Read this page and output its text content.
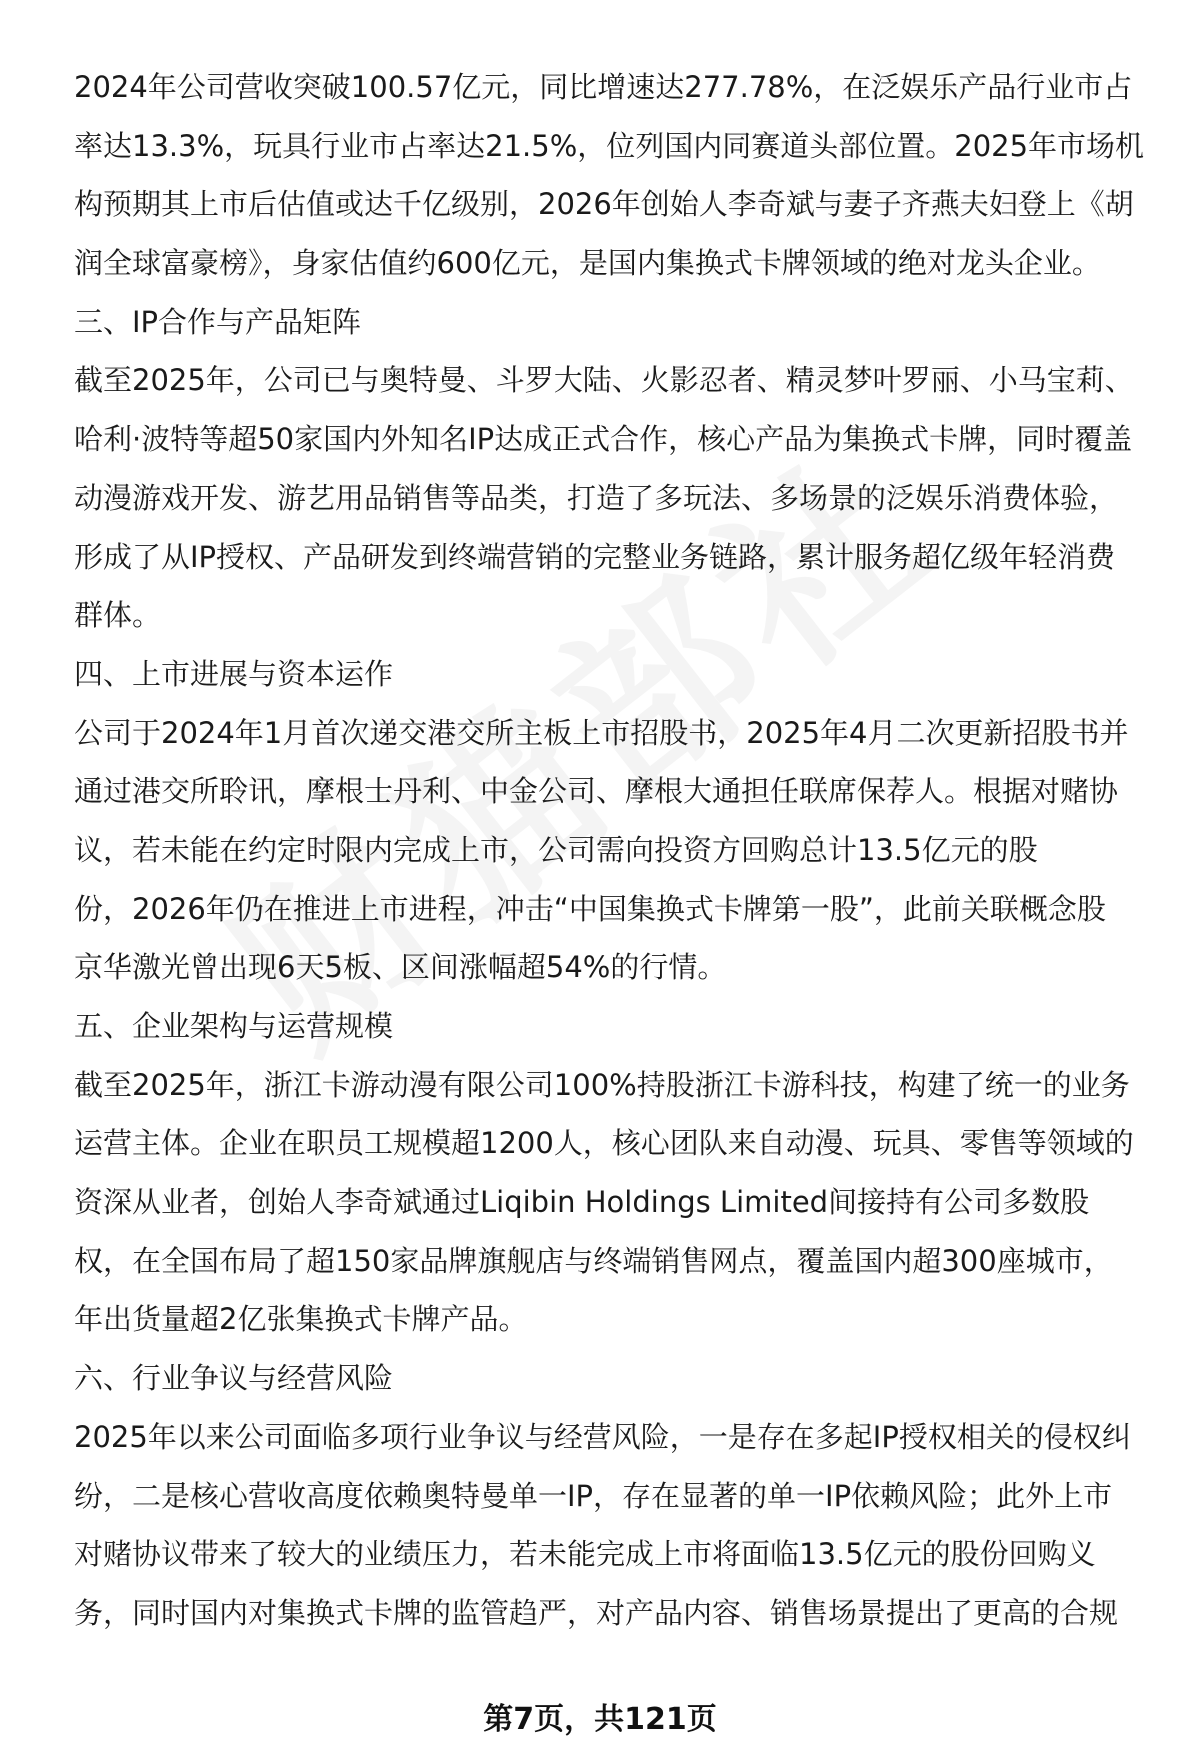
2024年公司营收突破100.57亿元，同比增速达277.78%，在泛娱乐产品行业市占
率达13.3%，玩具行业市占率达21.5%，位列国内同赛道头部位置。2025年市场机
构预期其上市后估值或达千亿级别，2026年创始人李奇斌与妻子齐燕夫妇登上《胡
润全球富豪榜》，身家估值约600亿元，是国内集换式卡牌领域的绝对龙头企业。
三、IP合作与产品矩阵
截至2025年，公司已与奥特曼、斗罗大陆、火影忍者、精灵梦叶罗丽、小马宝莉、
哈利·波特等超50家国内外知名IP达成正式合作，核心产品为集换式卡牌，同时覆盖
动漫游戏开发、游艺用品销售等品类，打造了多玩法、多场景的泛娱乐消费体验，
形成了从IP授权、产品研发到终端营销的完整业务链路，累计服务超亿级年轻消费
群体。
四、上市进展与资本运作
公司于2024年1月首次递交港交所主板上市招股书，2025年4月二次更新招股书并
通过港交所聆讯，摩根士丹利、中金公司、摩根大通担任联席保荐人。根据对赌协
议，若未能在约定时限内完成上市，公司需向投资方回购总计13.5亿元的股
份，2026年仍在推进上市进程，冲击“中国集换式卡牌第一股”，此前关联概念股
京华激光曾出现6天5板、区间涨幅超54%的行情。
五、企业架构与运营规模
截至2025年，浙江卡游动漫有限公司100%持股浙江卡游科技，构建了统一的业务
运营主体。企业在职员工规模超1200人，核心团队来自动漫、玩具、零售等领域的
资深从业者，创始人李奇斌通过Liqibin Holdings Limited间接持有公司多数股
权，在全国布局了超150家品牌旗舰店与终端销售网点，覆盖国内超300座城市，
年出货量超2亿张集换式卡牌产品。
六、行业争议与经营风险
2025年以来公司面临多项行业争议与经营风险，一是存在多起IP授权相关的侵权纠
纷，二是核心营收高度依赖奥特曼单一IP，存在显著的单一IP依赖风险；此外上市
对赌协议带来了较大的业绩压力，若未能完成上市将面临13.5亿元的股份回购义
务，同时国内对集换式卡牌的监管趋严，对产品内容、销售场景提出了更高的合规
第7页，共121页
